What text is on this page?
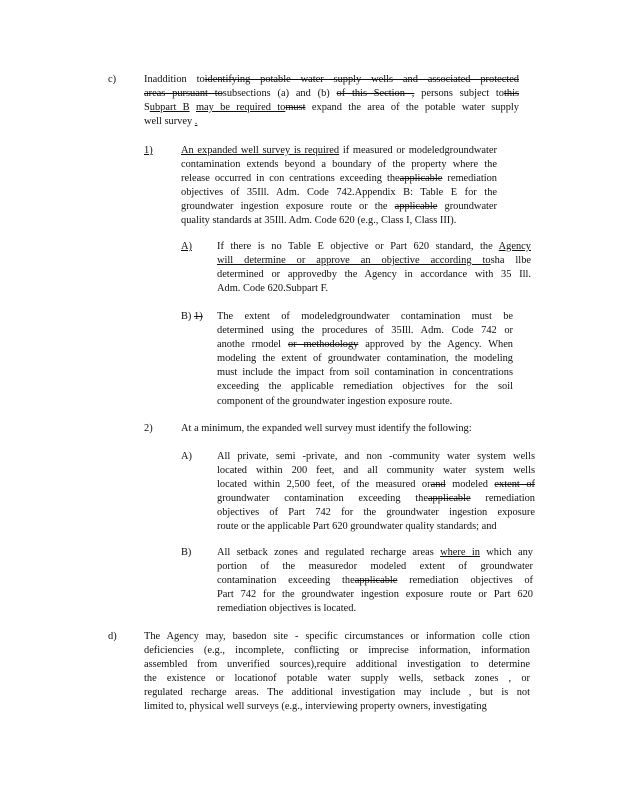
c)	Inaddition toidentifying potable water supply wells and associated protected
areas pursuant tosubsections (a) and (b) of this Section , persons subject tothis
Subpart B may be required tomust expand the area of the potable water supply
well survey .
1)	An expanded well survey is required if measured or modeledgroundwater
contamination extends beyond a boundary of the property where the
release occurred in con centrations exceeding theapplicable remediation
objectives of 35Ill. Adm. Code 742.Appendix B: Table E for the
groundwater ingestion exposure route or the applicable groundwater
quality standards at 35Ill. Adm. Code 620 (e.g., Class I, Class III).
A) If there is no Table E objective or Part 620 standard, the Agency
will determine or approve an objective according tosha llbe
determined or approvedby the Agency in accordance with 35 Ill.
Adm. Code 620.Subpart F.
B) 1) The extent of modeledgroundwater contamination must be
determined using the procedures of 35Ill. Adm. Code 742 or
anothe rmodel or methodology approved by the Agency. When
modeling the extent of groundwater contamination, the modeling
must include the impact from soil contamination in concentrations
exceeding the applicable remediation objectives for the soil
component of the groundwater ingestion exposure route.
2)	At a minimum, the expanded well survey must identify the following:
A) All private, semi -private, and non -community water system wells
located within 200 feet, and all community water system wells
located within 2,500 feet, of the measured orand modeled extent of
groundwater contamination exceeding theapplicable remediation
objectives of Part 742 for the groundwater ingestion exposure
route or the applicable Part 620 groundwater quality standards; and
B) All setback zones and regulated recharge areas where in which any
portion of the measuredor modeled extent of groundwater
contamination exceeding theapplicable remediation objectives of
Part 742 for the groundwater ingestion exposure route or Part 620
remediation objectives is located.
d)	The Agency may, basedon site - specific circumstances or information colle ction
deficiencies (e.g., incomplete, conflicting or imprecise information, information
assembled from unverified sources),require additional investigation to determine
the existence or locationof potable water supply wells, setback zones , or
regulated recharge areas. The additional investigation may include , but is not
limited to, physical well surveys (e.g., interviewing property owners, investigating
